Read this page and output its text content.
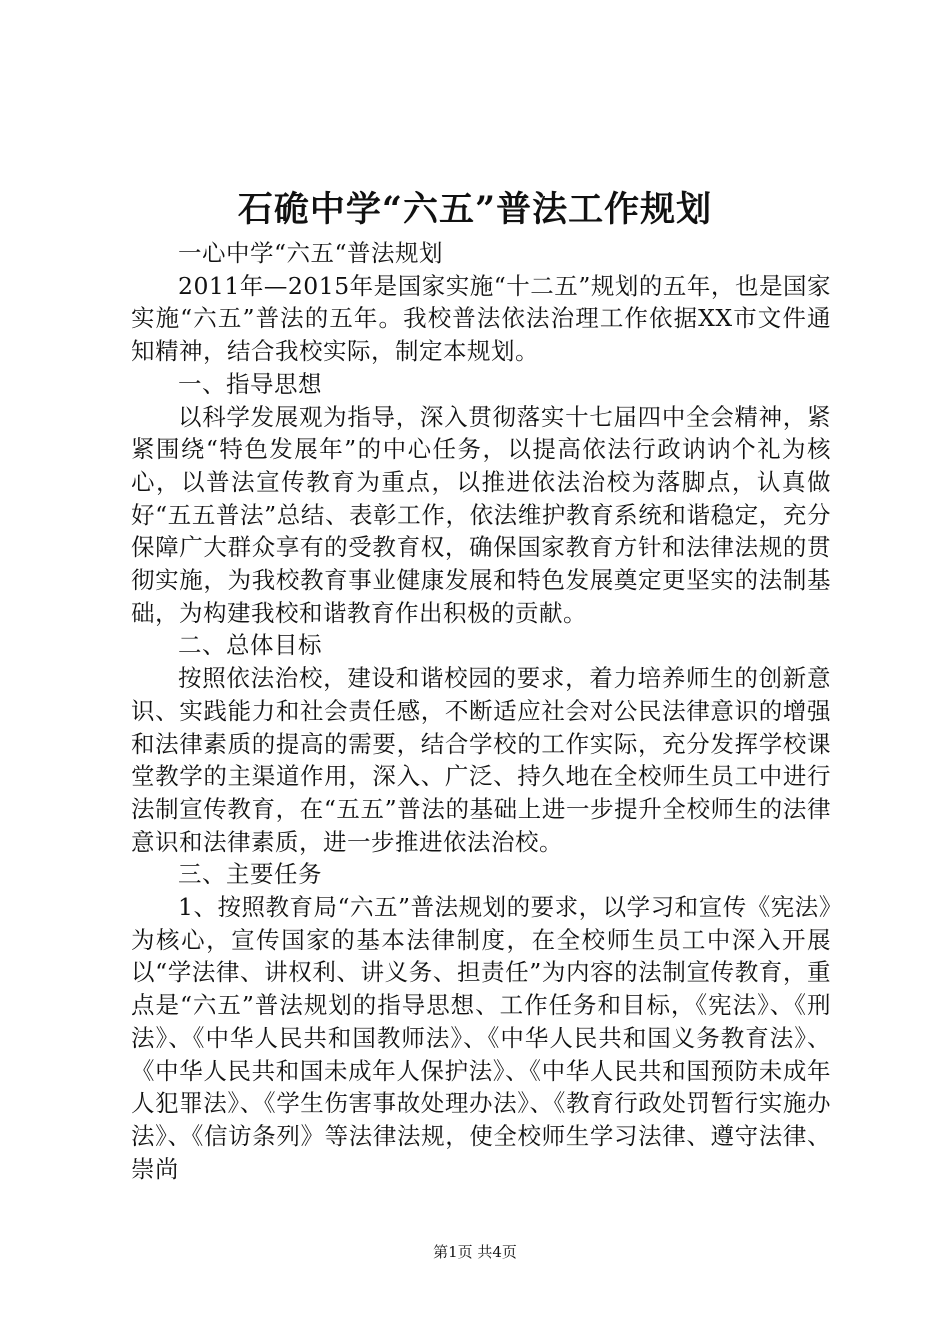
石硊中学“六五”普法工作规划

一心中学“六五“普法规划

2011年—2015年是国家实施“十二五”规划的五年，也是国家实施“六五”普法的五年。我校普法依法治理工作依据XX市文件通知精神，结合我校实际，制定本规划。

一、指导思想

以科学发展观为指导，深入贯彻落实十七届四中全会精神，紧紧围绕“特色发展年”的中心任务，以提高依法行政讷讷个礼为核心，以普法宣传教育为重点，以推进依法治校为落脚点，认真做好“五五普法”总结、表彰工作，依法维护教育系统和谐稳定，充分保障广大群众享有的受教育权，确保国家教育方针和法律法规的贯彻实施，为我校教育事业健康发展和特色发展奠定更坚实的法制基础，为构建我校和谐教育作出积极的贡献。

二、总体目标

按照依法治校，建设和谐校园的要求，着力培养师生的创新意识、实践能力和社会责任感，不断适应社会对公民法律意识的增强和法律素质的提高的需要，结合学校的工作实际，充分发挥学校课堂教学的主渠道作用，深入、广泛、持久地在全校师生员工中进行法制宣传教育，在“五五”普法的基础上进一步提升全校师生的法律意识和法律素质，进一步推进依法治校。

三、主要任务

1、按照教育局“六五”普法规划的要求，以学习和宣传《宪法》为核心，宣传国家的基本法律制度，在全校师生员工中深入开展以“学法律、讲权利、讲义务、担责任”为内容的法制宣传教育，重点是“六五”普法规划的指导思想、工作任务和目标，《宪法》、《刑法》、《中华人民共和国教师法》、《中华人民共和国义务教育法》、《中华人民共和国未成年人保护法》、《中华人民共和国预防未成年人犯罪法》、《学生伤害事故处理办法》、《教育行政处罚暂行实施办法》、《信访条列》等法律法规，使全校师生学习法律、遵守法律、崇尚

第1页 共4页
